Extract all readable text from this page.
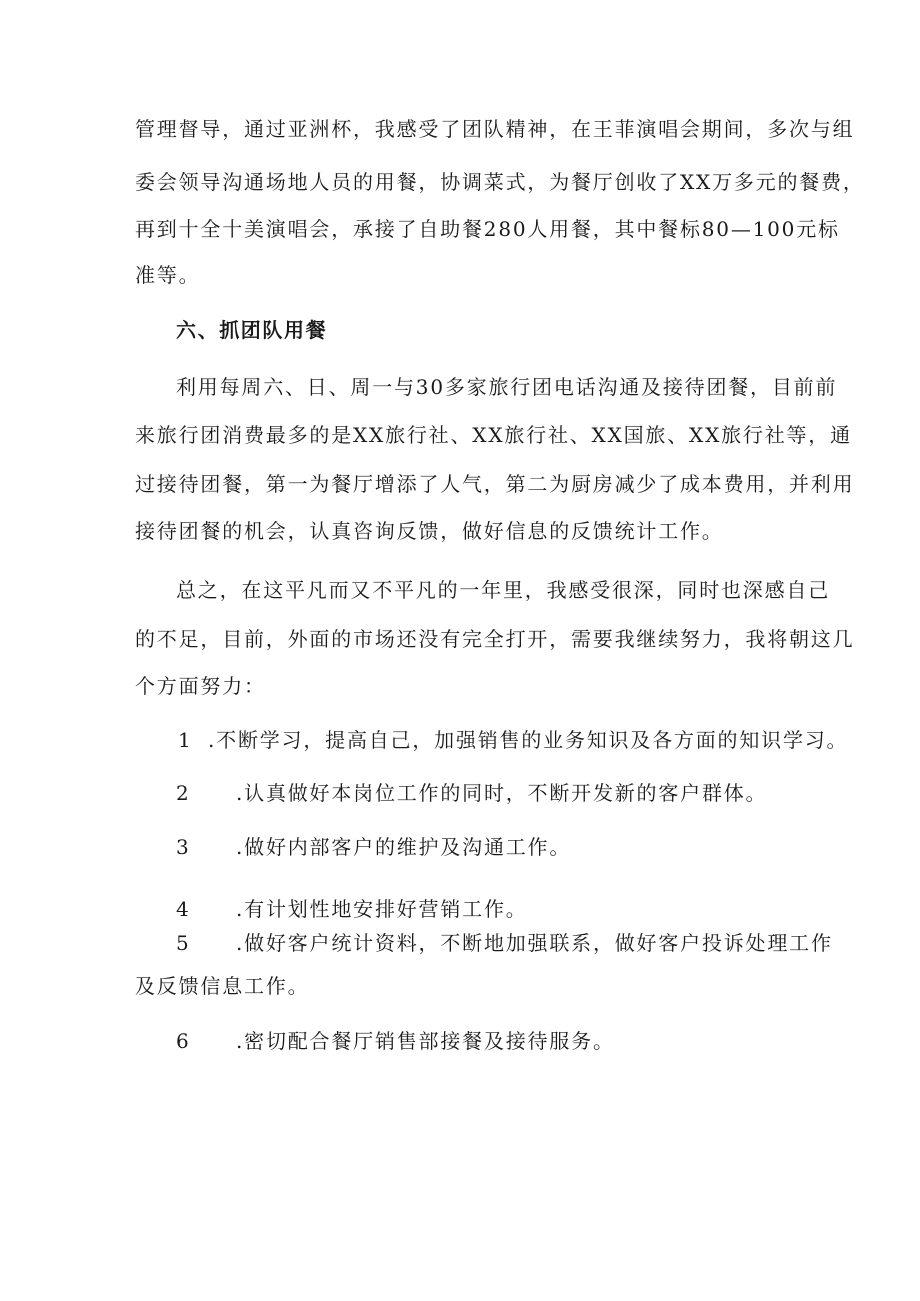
管理督导，通过亚洲杯，我感受了团队精神，在王菲演唱会期间，多次与组
委会领导沟通场地人员的用餐，协调菜式，为餐厅创收了XX万多元的餐费，
再到十全十美演唱会，承接了自助餐280人用餐，其中餐标80—100元标
准等。
六、抓团队用餐
利用每周六、日、周一与30多家旅行团电话沟通及接待团餐，目前前
来旅行团消费最多的是XX旅行社、XX旅行社、XX国旅、XX旅行社等，通
过接待团餐，第一为餐厅增添了人气，第二为厨房减少了成本费用，并利用
接待团餐的机会，认真咨询反馈，做好信息的反馈统计工作。
总之，在这平凡而又不平凡的一年里，我感受很深，同时也深感自己
的不足，目前，外面的市场还没有完全打开，需要我继续努力，我将朝这几
个方面努力：
1 .不断学习，提高自己，加强销售的业务知识及各方面的知识学习。
2 .认真做好本岗位工作的同时，不断开发新的客户群体。
3 .做好内部客户的维护及沟通工作。
4 .有计划性地安排好营销工作。
5 .做好客户统计资料，不断地加强联系，做好客户投诉处理工作
及反馈信息工作。
6 .密切配合餐厅销售部接餐及接待服务。
